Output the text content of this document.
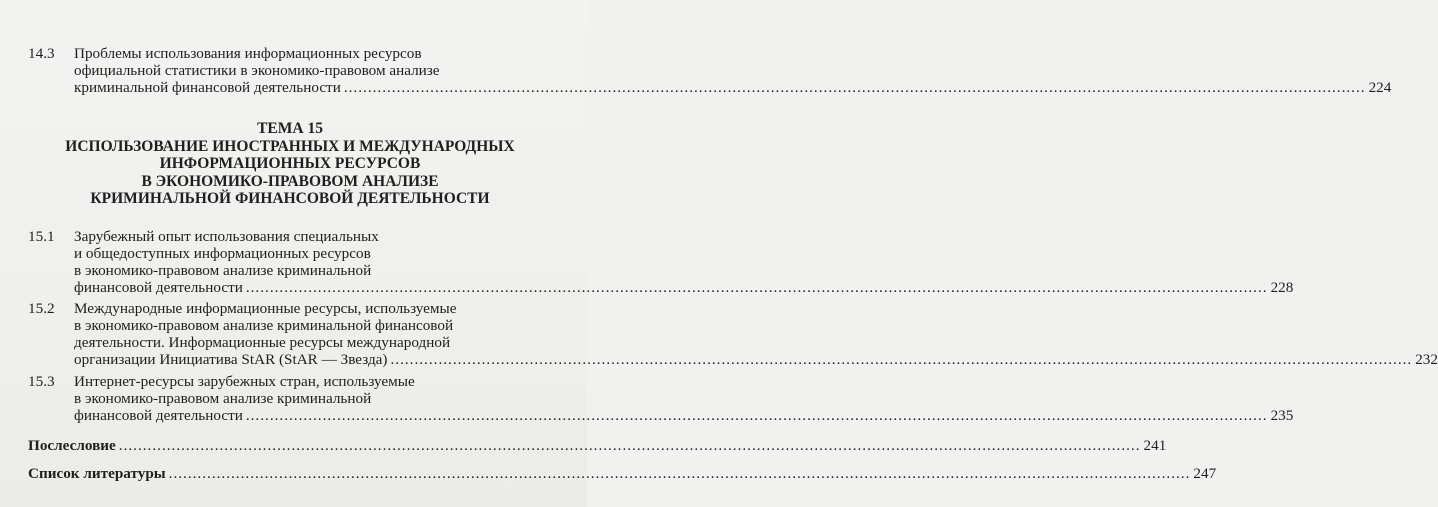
14.3	Проблемы использования информационных ресурсов
официальной статистики в экономико-правовом анализе
криминальной финансовой деятельности ..................................................................................................................................................................................................................... 224
ТЕМА 15
ИСПОЛЬЗОВАНИЕ ИНОСТРАННЫХ И МЕЖДУНАРОДНЫХ
ИНФОРМАЦИОННЫХ РЕСУРСОВ
В ЭКОНОМИКО-ПРАВОВОМ АНАЛИЗЕ
КРИМИНАЛЬНОЙ ФИНАНСОВОЙ ДЕЯТЕЛЬНОСТИ
15.1	Зарубежный опыт использования специальных
и общедоступных информационных ресурсов
в экономико-правовом анализе криминальной
финансовой деятельности ..................................................................................................................................................................................................................... 228
15.2	Международные информационные ресурсы, используемые
в экономико-правовом анализе криминальной финансовой
деятельности. Информационные ресурсы международной
организации Инициатива StAR (StAR — Звезда) ..................................................................................................................................................................................................................... 232
15.3	Интернет-ресурсы зарубежных стран, используемые
в экономико-правовом анализе криминальной
финансовой деятельности ..................................................................................................................................................................................................................... 235
Послесловие ..................................................................................................................................................................................................................... 241
Список литературы ..................................................................................................................................................................................................................... 247
